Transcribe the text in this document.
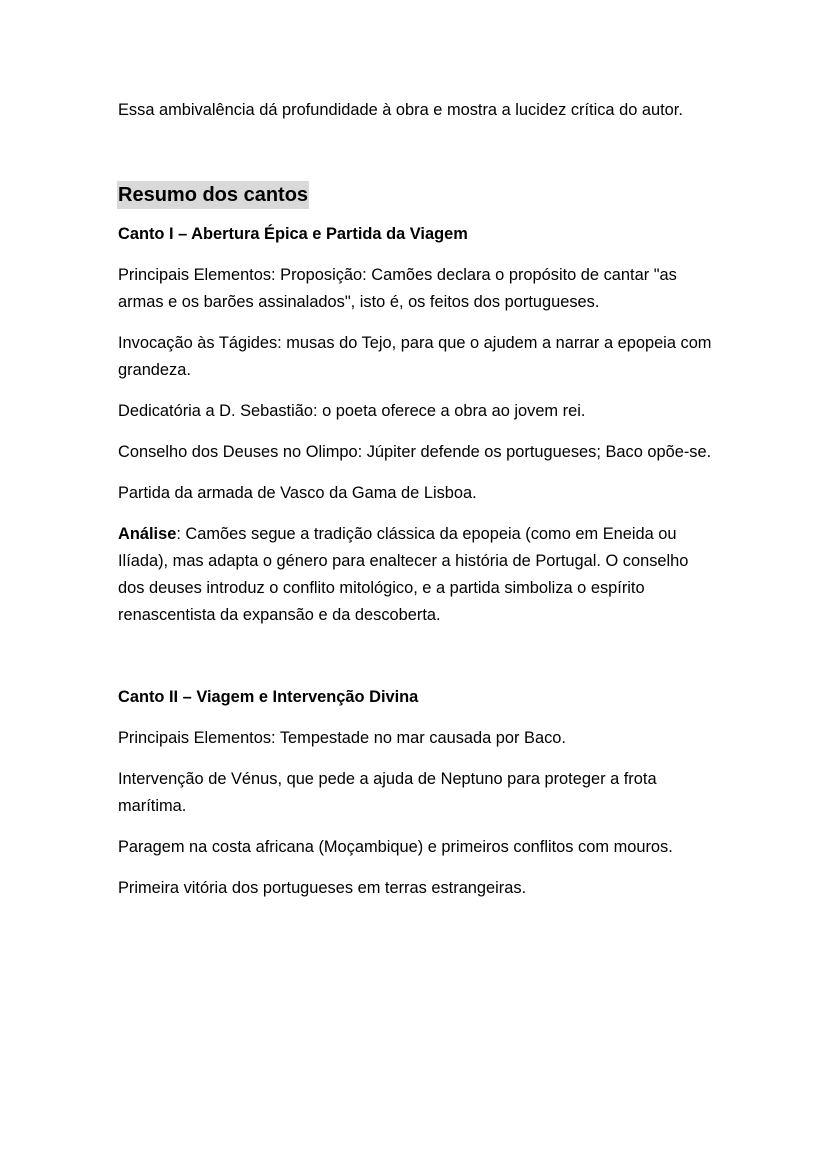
Essa ambivalência dá profundidade à obra e mostra a lucidez crítica do autor.

Resumo dos cantos

Canto I – Abertura Épica e Partida da Viagem

Principais Elementos: Proposição: Camões declara o propósito de cantar "as armas e os barões assinalados", isto é, os feitos dos portugueses.

Invocação às Tágides: musas do Tejo, para que o ajudem a narrar a epopeia com grandeza.

Dedicatória a D. Sebastião: o poeta oferece a obra ao jovem rei.

Conselho dos Deuses no Olimpo: Júpiter defende os portugueses; Baco opõe-se.

Partida da armada de Vasco da Gama de Lisboa.

Análise: Camões segue a tradição clássica da epopeia (como em Eneida ou Ilíada), mas adapta o género para enaltecer a história de Portugal. O conselho dos deuses introduz o conflito mitológico, e a partida simboliza o espírito renascentista da expansão e da descoberta.

Canto II – Viagem e Intervenção Divina

Principais Elementos: Tempestade no mar causada por Baco.

Intervenção de Vénus, que pede a ajuda de Neptuno para proteger a frota marítima.

Paragem na costa africana (Moçambique) e primeiros conflitos com mouros.

Primeira vitória dos portugueses em terras estrangeiras.
